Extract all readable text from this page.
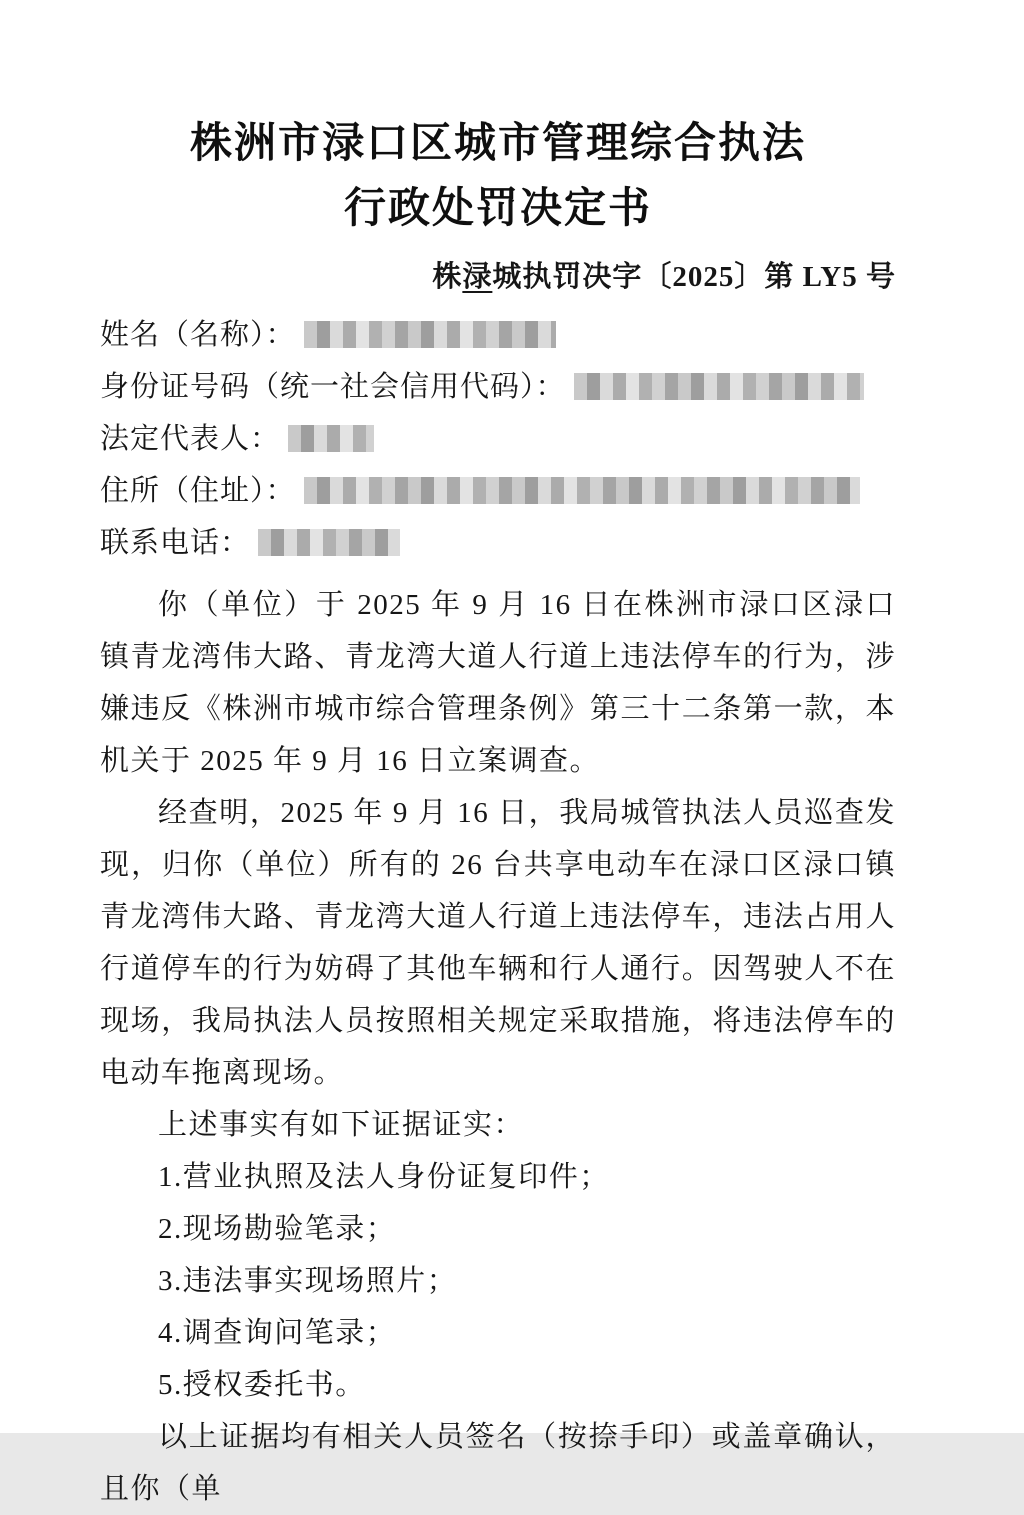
株洲市渌口区城市管理综合执法
行政处罚决定书
株渌城执罚决字〔2025〕第 LY5 号
姓名（名称）：
身份证号码（统一社会信用代码）：
法定代表人：
住所（住址）：
联系电话：

你（单位）于 2025 年 9 月 16 日在株洲市渌口区渌口镇青龙湾伟大路、青龙湾大道人行道上违法停车的行为，涉嫌违反《株洲市城市综合管理条例》第三十二条第一款，本机关于 2025 年 9 月 16 日立案调查。

经查明，2025 年 9 月 16 日，我局城管执法人员巡查发现，归你（单位）所有的 26 台共享电动车在渌口区渌口镇青龙湾伟大路、青龙湾大道人行道上违法停车，违法占用人行道停车的行为妨碍了其他车辆和行人通行。因驾驶人不在现场，我局执法人员按照相关规定采取措施，将违法停车的电动车拖离现场。

上述事实有如下证据证实：

1.营业执照及法人身份证复印件；

2.现场勘验笔录；

3.违法事实现场照片；

4.调查询问笔录；

5.授权委托书。

以上证据均有相关人员签名（按捺手印）或盖章确认，且你（单
